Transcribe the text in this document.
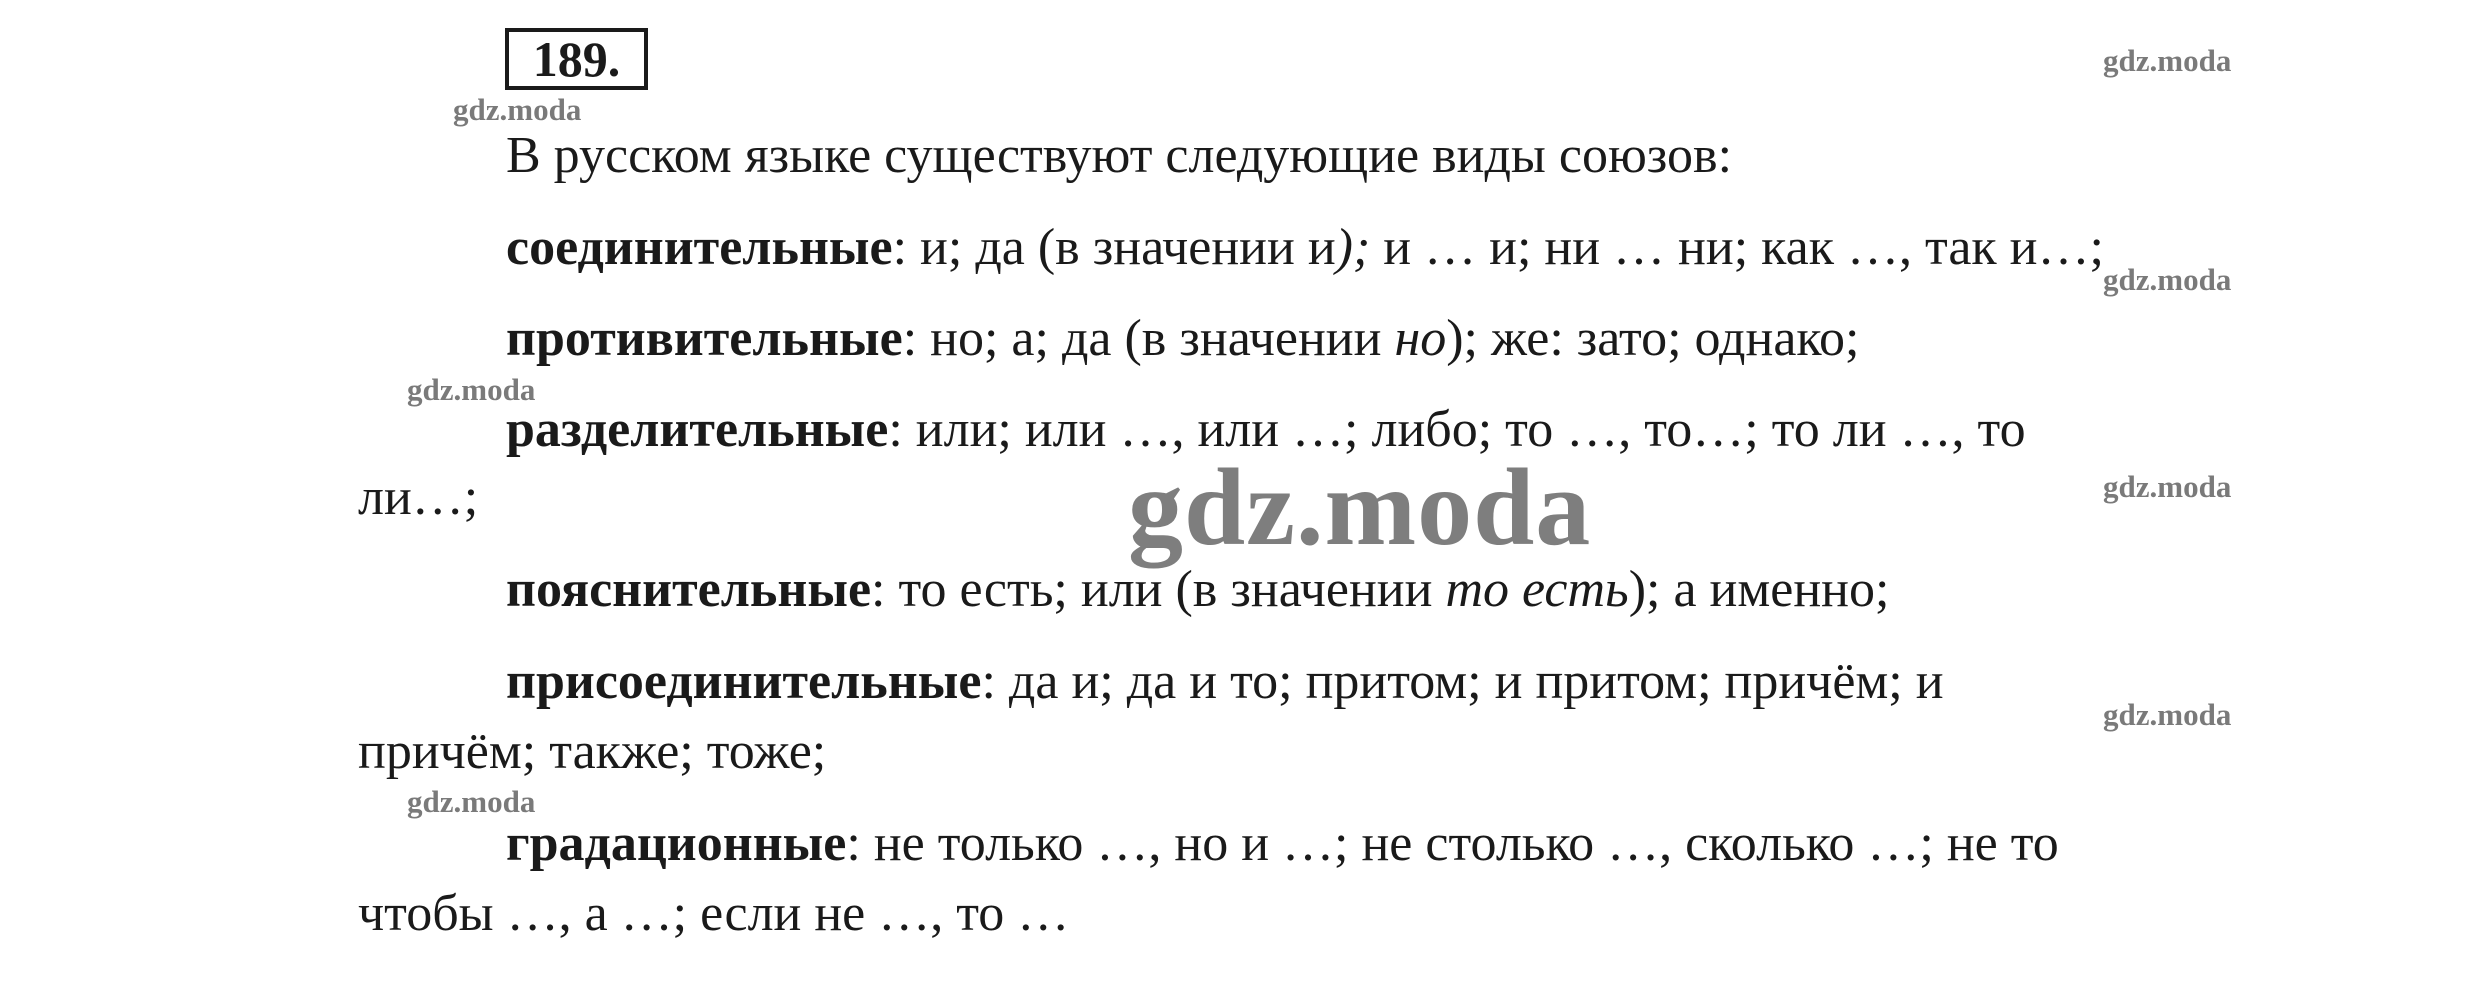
189.
В русском языке существуют следующие виды союзов:
соединительные: и; да (в значении и); и … и; ни … ни; как …, так и…;
противительные: но; а; да (в значении но); же: зато; однако;
разделительные: или; или …, или …; либо; то …, то…; то ли …, то
ли…;
пояснительные: то есть; или (в значении то есть); а именно;
присоединительные: да и; да и то; притом; и притом; причём; и
причём; также; тоже;
градационные: не только …, но и …; не столько …, сколько …; не то
чтобы …, а …; если не …, то …
gdz.moda
gdz.moda
gdz.moda
gdz.moda
gdz.moda
gdz.moda
gdz.moda
gdz.moda
